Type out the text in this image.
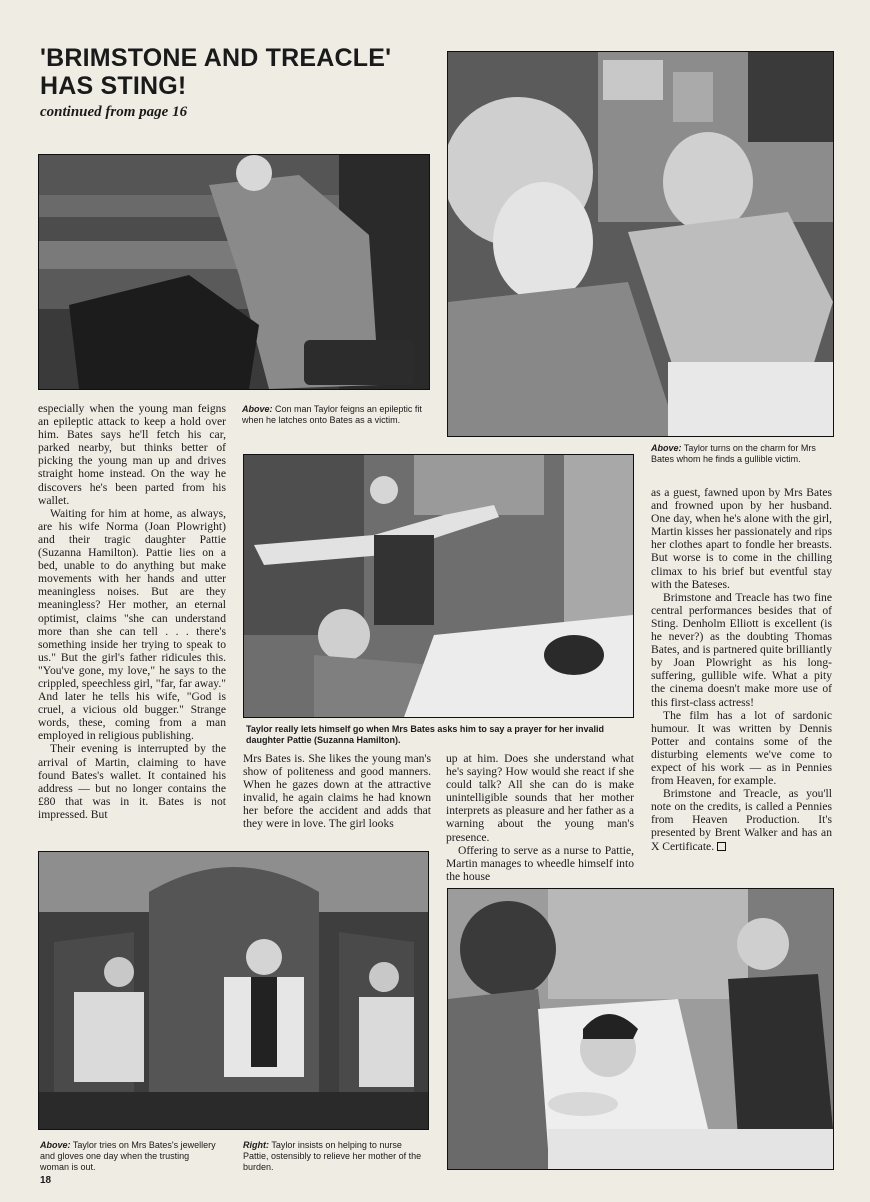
'BRIMSTONE AND TREACLE' HAS STING!
continued from page 16
Above: Con man Taylor feigns an epileptic fit when he latches onto Bates as a victim.
Above: Taylor turns on the charm for Mrs Bates whom he finds a gullible victim.
Taylor really lets himself go when Mrs Bates asks him to say a prayer for her invalid daughter Pattie (Suzanna Hamilton).

especially when the young man feigns an epileptic attack to keep a hold over him. Bates says he'll fetch his car, parked nearby, but thinks better of picking the young man up and drives straight home instead. On the way he discovers he's been parted from his wallet.

Waiting for him at home, as always, are his wife Norma (Joan Plowright) and their tragic daughter Pattie (Suzanna Hamilton). Pattie lies on a bed, unable to do anything but make movements with her hands and utter meaningless noises. But are they meaningless? Her mother, an eternal optimist, claims "she can understand more than she can tell . . . there's something inside her trying to speak to us." But the girl's father ridicules this. "You've gone, my love," he says to the crippled, speechless girl, "far, far away." And later he tells his wife, "God is cruel, a vicious old bugger." Strange words, these, coming from a man employed in religious publishing.

Their evening is interrupted by the arrival of Martin, claiming to have found Bates's wallet. It contained his address — but no longer contains the £80 that was in it. Bates is not impressed. But

Mrs Bates is. She likes the young man's show of politeness and good manners. When he gazes down at the attractive invalid, he again claims he had known her before the accident and adds that they were in love. The girl looks

up at him. Does she understand what he's saying? How would she react if she could talk? All she can do is make unintelligible sounds that her mother interprets as pleasure and her father as a warning about the young man's presence.

Offering to serve as a nurse to Pattie, Martin manages to wheedle himself into the house

as a guest, fawned upon by Mrs Bates and frowned upon by her husband. One day, when he's alone with the girl, Martin kisses her passionately and rips her clothes apart to fondle her breasts. But worse is to come in the chilling climax to his brief but eventful stay with the Bateses.

Brimstone and Treacle has two fine central performances besides that of Sting. Denholm Elliott is excellent (is he never?) as the doubting Thomas Bates, and is partnered quite brilliantly by Joan Plowright as his long-suffering, gullible wife. What a pity the cinema doesn't make more use of this first-class actress!

The film has a lot of sardonic humour. It was written by Dennis Potter and contains some of the disturbing elements we've come to expect of his work — as in Pennies from Heaven, for example.

Brimstone and Treacle, as you'll note on the credits, is called a Pennies from Heaven Production. It's presented by Brent Walker and has an X Certificate.

Above: Taylor tries on Mrs Bates's jewellery and gloves one day when the trusting woman is out.
Right: Taylor insists on helping to nurse Pattie, ostensibly to relieve her mother of the burden.
18
